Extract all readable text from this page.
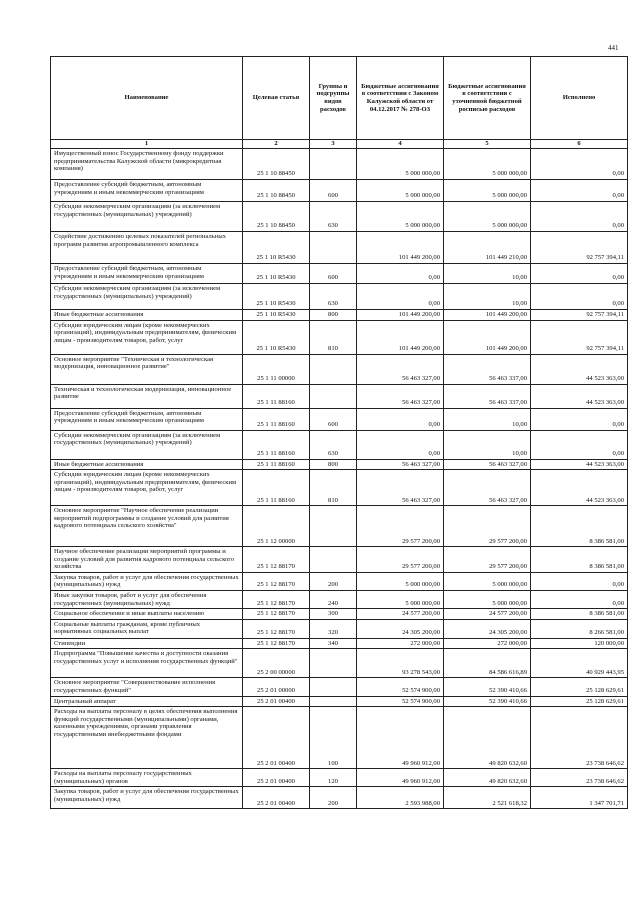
441
Наименование	Целевая статья	Группы и подгруппы видов расходов	Бюджетные ассигнования в соответствии с Законом Калужской области от 04.12.2017 № 278-ОЗ	Бюджетные ассигнования в соответствии с уточненной бюджетной росписью расходов	Исполнено
1	2	3	4	5	6
Имущественный взнос Государственному фонду поддержки предпринимательства Калужской области (микрокредитная компания)	25 1 10 88450		5 000 000,00	5 000 000,00	0,00
Предоставление субсидий бюджетным, автономным учреждениям и иным некоммерческим организациям	25 1 10 88450	600	5 000 000,00	5 000 000,00	0,00
Субсидии некоммерческим организациям (за исключением государственных (муниципальных) учреждений)	25 1 10 88450	630	5 000 000,00	5 000 000,00	0,00
Содействие достижению целевых показателей региональных программ развития агропромышленного комплекса	25 1 10 R5430		101 449 200,00	101 449 210,00	92 757 394,11
Предоставление субсидий бюджетным, автономным учреждениям и иным некоммерческим организациям	25 1 10 R5430	600	0,00	10,00	0,00
Субсидии некоммерческим организациям (за исключением государственных (муниципальных) учреждений)	25 1 10 R5430	630	0,00	10,00	0,00
Иные бюджетные ассигнования	25 1 10 R5430	800	101 449 200,00	101 449 200,00	92 757 394,11
Субсидии юридическим лицам (кроме некоммерческих организаций), индивидуальным предпринимателям, физическим лицам - производителям товаров, работ, услуг	25 1 10 R5430	810	101 449 200,00	101 449 200,00	92 757 394,11
Основное мероприятие "Техническая и технологическая модернизация, инновационное развитие"	25 1 11 00000		56 463 327,00	56 463 337,00	44 523 363,00
Техническая и технологическая модернизация, инновационное развитие	25 1 11 88160		56 463 327,00	56 463 337,00	44 523 363,00
Предоставление субсидий бюджетным, автономным учреждениям и иным некоммерческим организациям	25 1 11 88160	600	0,00	10,00	0,00
Субсидии некоммерческим организациям (за исключением государственных (муниципальных) учреждений)	25 1 11 88160	630	0,00	10,00	0,00
Иные бюджетные ассигнования	25 1 11 88160	800	56 463 327,00	56 463 327,00	44 523 363,00
Субсидии юридическим лицам (кроме некоммерческих организаций), индивидуальным предпринимателям, физическим лицам - производителям товаров, работ, услуг	25 1 11 88160	810	56 463 327,00	56 463 327,00	44 523 363,00
Основное мероприятие "Научное обеспечение реализации мероприятий подпрограммы и создание условий для развития кадрового потенциала сельского хозяйства"	25 1 12 00000		29 577 200,00	29 577 200,00	8 386 581,00
Научное обеспечение реализации мероприятий программы и создание условий для развития кадрового потенциала сельского хозяйства	25 1 12 88170		29 577 200,00	29 577 200,00	8 386 581,00
Закупка товаров, работ и услуг для обеспечения государственных (муниципальных) нужд	25 1 12 88170	200	5 000 000,00	5 000 000,00	0,00
Иные закупки товаров, работ и услуг для обеспечения государственных (муниципальных) нужд	25 1 12 88170	240	5 000 000,00	5 000 000,00	0,00
Социальное обеспечение и иные выплаты населению	25 1 12 88170	300	24 577 200,00	24 577 200,00	8 386 581,00
Социальные выплаты гражданам, кроме публичных нормативных социальных выплат	25 1 12 88170	320	24 305 200,00	24 305 200,00	8 266 581,00
Стипендии	25 1 12 88170	340	272 000,00	272 000,00	120 000,00
Подпрограмма "Повышение качества и доступности оказания государственных услуг и исполнения государственных функций"	25 2 00 00000		93 278 543,00	84 586 616,89	40 929 443,95
Основное мероприятие "Совершенствование исполнения государственных функций"	25 2 01 00000		52 574 900,00	52 390 410,66	25 128 629,61
Центральный аппарат	25 2 01 00400		52 574 900,00	52 390 410,66	25 128 629,61
Расходы на выплаты персоналу в целях обеспечения выполнения функций государственными (муниципальными) органами, казенными учреждениями, органами управления государственными внебюджетными фондами	25 2 01 00400	100	49 960 912,00	49 820 632,60	23 738 646,62
Расходы на выплаты персоналу государственных (муниципальных) органов	25 2 01 00400	120	49 960 912,00	49 820 632,60	23 738 646,62
Закупка товаров, работ и услуг для обеспечения государственных (муниципальных) нужд	25 2 01 00400	200	2 593 988,00	2 521 618,32	1 347 701,71
